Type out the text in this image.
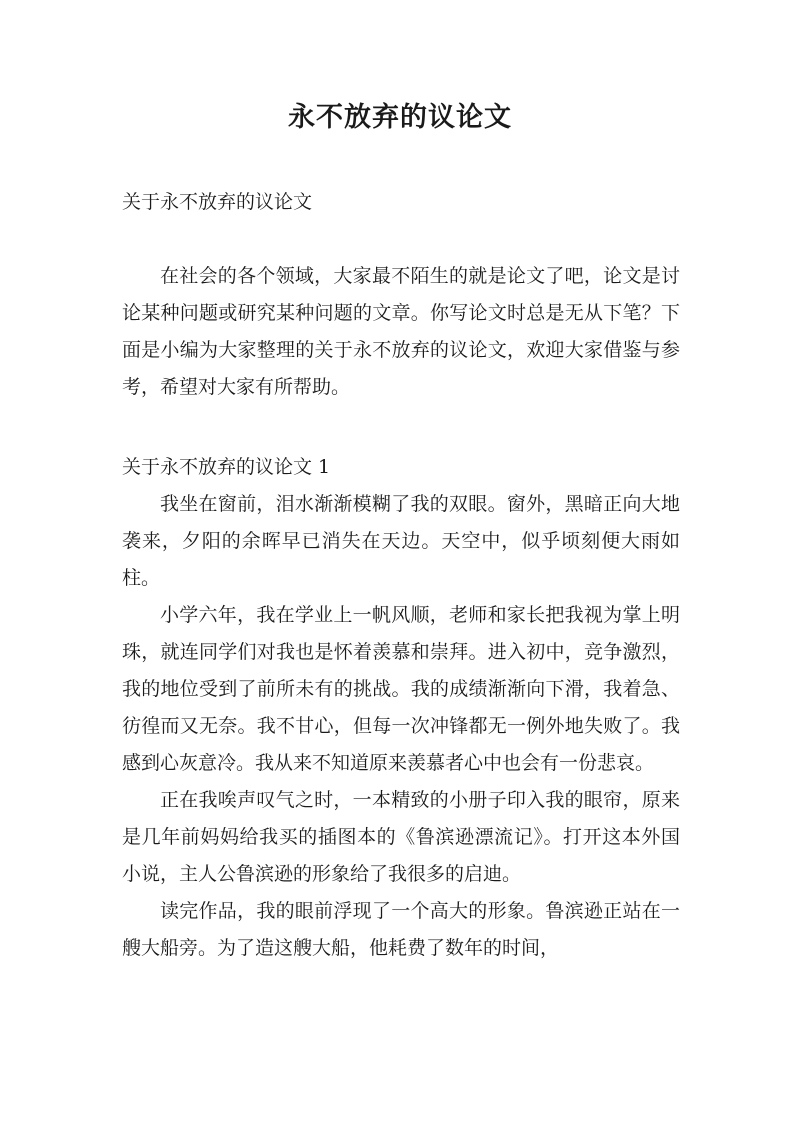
永不放弃的议论文
关于永不放弃的议论文

在社会的各个领域，大家最不陌生的就是论文了吧，论文是讨论某种问题或研究某种问题的文章。你写论文时总是无从下笔？下面是小编为大家整理的关于永不放弃的议论文，欢迎大家借鉴与参考，希望对大家有所帮助。

关于永不放弃的议论文 1

我坐在窗前，泪水渐渐模糊了我的双眼。窗外，黑暗正向大地袭来，夕阳的余晖早已消失在天边。天空中，似乎顷刻便大雨如柱。

小学六年，我在学业上一帆风顺，老师和家长把我视为掌上明珠，就连同学们对我也是怀着羡慕和崇拜。进入初中，竞争激烈，我的地位受到了前所未有的挑战。我的成绩渐渐向下滑，我着急、彷徨而又无奈。我不甘心，但每一次冲锋都无一例外地失败了。我感到心灰意冷。我从来不知道原来羡慕者心中也会有一份悲哀。

正在我唉声叹气之时，一本精致的小册子印入我的眼帘，原来是几年前妈妈给我买的插图本的《鲁滨逊漂流记》。打开这本外国小说，主人公鲁滨逊的形象给了我很多的启迪。

读完作品，我的眼前浮现了一个高大的形象。鲁滨逊正站在一艘大船旁。为了造这艘大船，他耗费了数年的时间，
